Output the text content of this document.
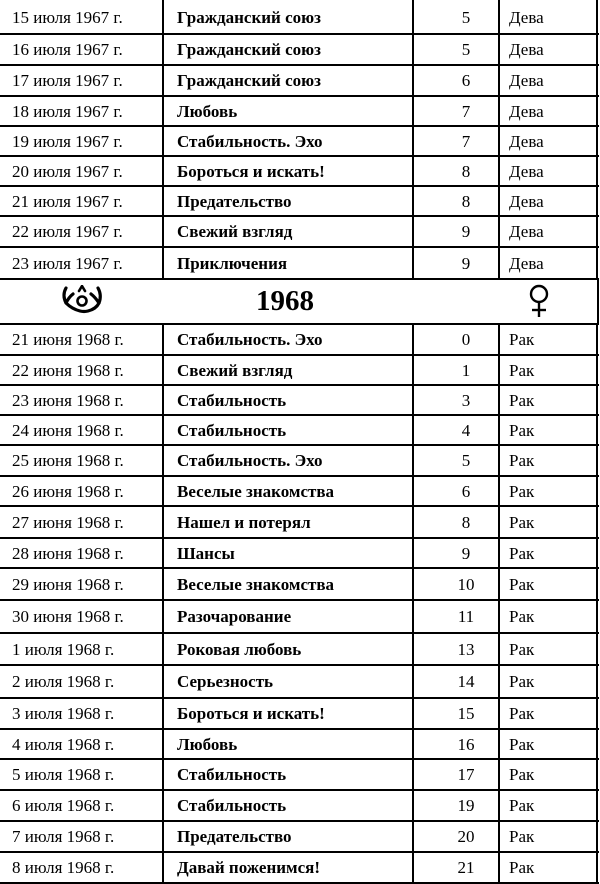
15 июля 1967 г.	Гражданский союз	5	Дева
16 июля 1967 г.	Гражданский союз	5	Дева
17 июля 1967 г.	Гражданский союз	6	Дева
18 июля 1967 г.	Любовь	7	Дева
19 июля 1967 г.	Стабильность. Эхо	7	Дева
20 июля 1967 г.	Бороться и искать!	8	Дева
21 июля 1967 г.	Предательство	8	Дева
22 июля 1967 г.	Свежий взгляд	9	Дева
23 июля 1967 г.	Приключения	9	Дева
1968
21 июня 1968 г.	Стабильность. Эхо	0	Рак
22 июня 1968 г.	Свежий взгляд	1	Рак
23 июня 1968 г.	Стабильность	3	Рак
24 июня 1968 г.	Стабильность	4	Рак
25 июня 1968 г.	Стабильность. Эхо	5	Рак
26 июня 1968 г.	Веселые знакомства	6	Рак
27 июня 1968 г.	Нашел и потерял	8	Рак
28 июня 1968 г.	Шансы	9	Рак
29 июня 1968 г.	Веселые знакомства	10	Рак
30 июня 1968 г.	Разочарование	11	Рак
1 июля 1968 г.	Роковая любовь	13	Рак
2 июля 1968 г.	Серьезность	14	Рак
3 июля 1968 г.	Бороться и искать!	15	Рак
4 июля 1968 г.	Любовь	16	Рак
5 июля 1968 г.	Стабильность	17	Рак
6 июля 1968 г.	Стабильность	19	Рак
7 июля 1968 г.	Предательство	20	Рак
8 июля 1968 г.	Давай поженимся!	21	Рак
